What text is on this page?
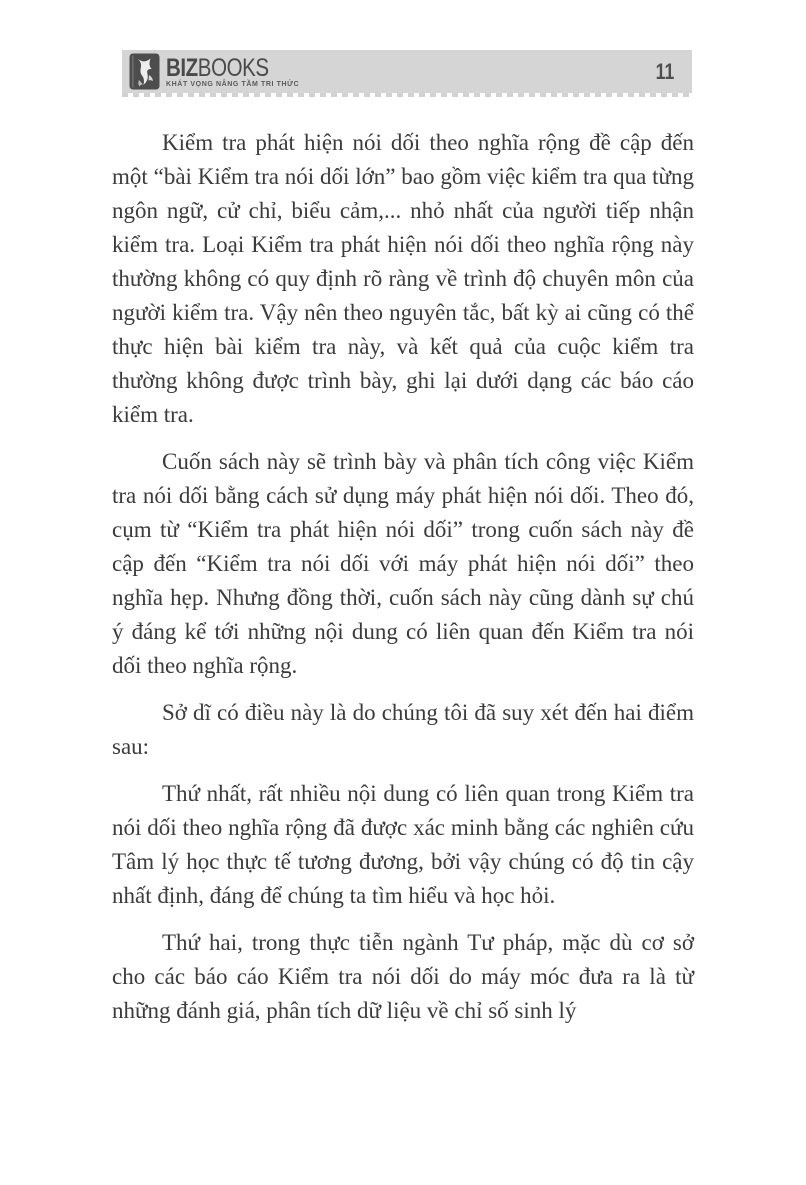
BIZBOOKS
KHÁT VỌNG NÂNG TẦM TRI THỨC
11

Kiểm tra phát hiện nói dối theo nghĩa rộng đề cập đến một “bài Kiểm tra nói dối lớn” bao gồm việc kiểm tra qua từng ngôn ngữ, cử chỉ, biểu cảm,... nhỏ nhất của người tiếp nhận kiểm tra. Loại Kiểm tra phát hiện nói dối theo nghĩa rộng này thường không có quy định rõ ràng về trình độ chuyên môn của người kiểm tra. Vậy nên theo nguyên tắc, bất kỳ ai cũng có thể thực hiện bài kiểm tra này, và kết quả của cuộc kiểm tra thường không được trình bày, ghi lại dưới dạng các báo cáo kiểm tra.

Cuốn sách này sẽ trình bày và phân tích công việc Kiểm tra nói dối bằng cách sử dụng máy phát hiện nói dối. Theo đó, cụm từ “Kiểm tra phát hiện nói dối” trong cuốn sách này đề cập đến “Kiểm tra nói dối với máy phát hiện nói dối” theo nghĩa hẹp. Nhưng đồng thời, cuốn sách này cũng dành sự chú ý đáng kể tới những nội dung có liên quan đến Kiểm tra nói dối theo nghĩa rộng.

Sở dĩ có điều này là do chúng tôi đã suy xét đến hai điểm sau:

Thứ nhất, rất nhiều nội dung có liên quan trong Kiểm tra nói dối theo nghĩa rộng đã được xác minh bằng các nghiên cứu Tâm lý học thực tế tương đương, bởi vậy chúng có độ tin cậy nhất định, đáng để chúng ta tìm hiểu và học hỏi.

Thứ hai, trong thực tiễn ngành Tư pháp, mặc dù cơ sở cho các báo cáo Kiểm tra nói dối do máy móc đưa ra là từ những đánh giá, phân tích dữ liệu về chỉ số sinh lý
